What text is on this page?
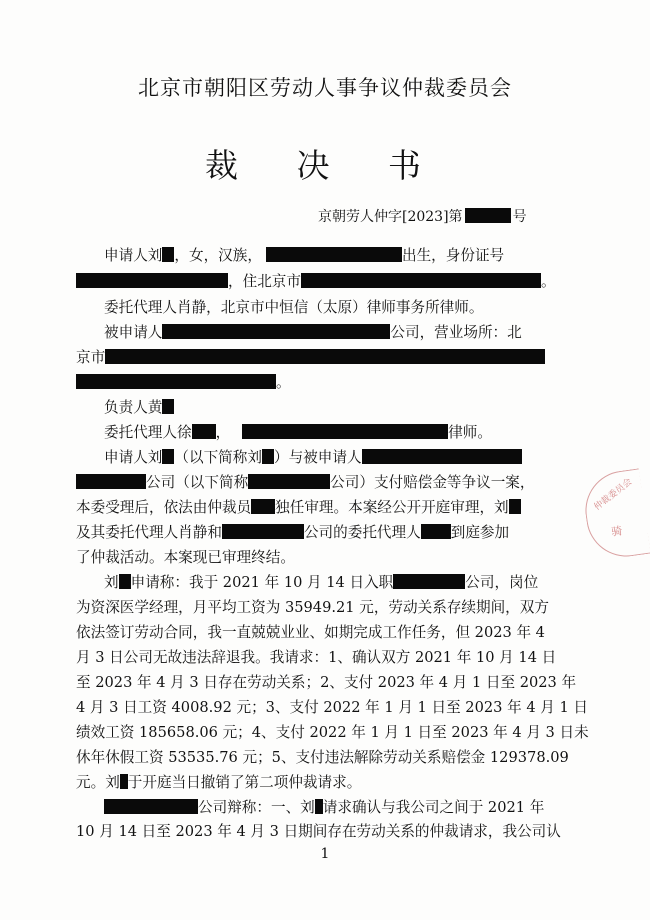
北京市朝阳区劳动人事争议仲裁委员会
裁 决 书
京朝劳人仲字[2023]第	号
申请人刘 ，女，汉族，	出生，身份证号
，住北京市	。
委托代理人肖静，北京市中恒信（太原）律师事务所律师。
被申请人	公司，营业场所：北
京市
。
负责人黄
委托代理人徐 ，	律师。
申请人刘 （以下简称刘 ）与被申请人
公司（以下简称	公司）支付赔偿金等争议一案，
本委受理后，依法由仲裁员 独任审理。本案经公开开庭审理，刘
及其委托代理人肖静和	公司的委托代理人 到庭参加
了仲裁活动。本案现已审理终结。
刘 申请称：我于 2021 年 10 月 14 日入职	公司，岗位
为资深医学经理，月平均工资为 35949.21 元，劳动关系存续期间，双方
依法签订劳动合同，我一直兢兢业业、如期完成工作任务，但 2023 年 4
月 3 日公司无故违法辞退我。我请求：1、确认双方 2021 年 10 月 14 日
至 2023 年 4 月 3 日存在劳动关系；2、支付 2023 年 4 月 1 日至 2023 年
4 月 3 日工资 4008.92 元；3、支付 2022 年 1 月 1 日至 2023 年 4 月 1 日
绩效工资 185658.06 元；4、支付 2022 年 1 月 1 日至 2023 年 4 月 3 日未
休年休假工资 53535.76 元；5、支付违法解除劳动关系赔偿金 129378.09
元。刘 于开庭当日撤销了第二项仲裁请求。
公司辩称：一、刘 请求确认与我公司之间于 2021 年
10 月 14 日至 2023 年 4 月 3 日期间存在劳动关系的仲裁请求，我公司认
仲裁委员会
骑
1
